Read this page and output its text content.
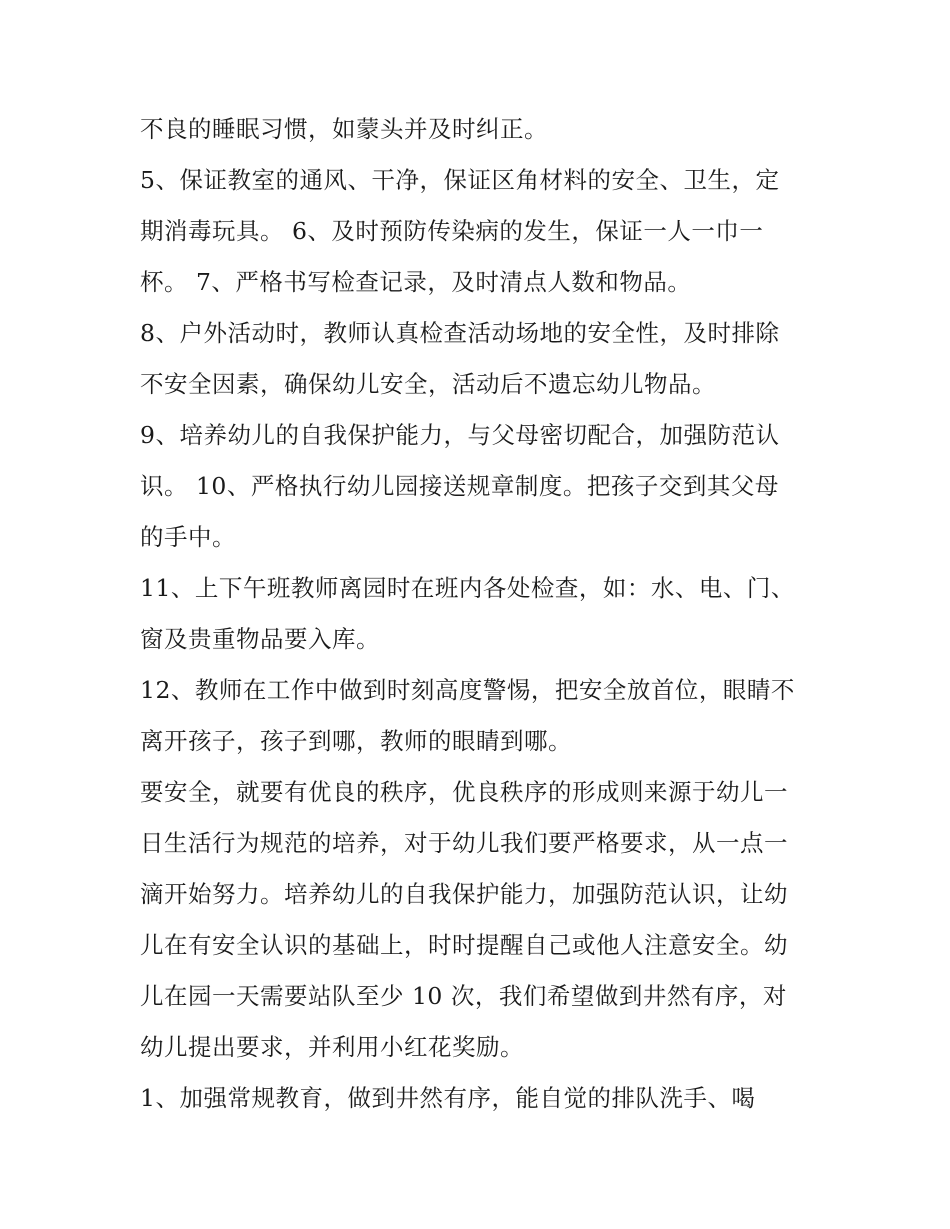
不良的睡眠习惯，如蒙头并及时纠正。
5、保证教室的通风、干净，保证区角材料的安全、卫生，定
期消毒玩具。 6、及时预防传染病的发生，保证一人一巾一
杯。 7、严格书写检查记录，及时清点人数和物品。
8、户外活动时，教师认真检查活动场地的安全性，及时排除
不安全因素，确保幼儿安全，活动后不遗忘幼儿物品。
9、培养幼儿的自我保护能力，与父母密切配合，加强防范认
识。 10、严格执行幼儿园接送规章制度。把孩子交到其父母
的手中。
11、上下午班教师离园时在班内各处检查，如：水、电、门、
窗及贵重物品要入库。
12、教师在工作中做到时刻高度警惕，把安全放首位，眼睛不
离开孩子，孩子到哪，教师的眼睛到哪。
要安全，就要有优良的秩序，优良秩序的形成则来源于幼儿一
日生活行为规范的培养，对于幼儿我们要严格要求，从一点一
滴开始努力。培养幼儿的自我保护能力，加强防范认识，让幼
儿在有安全认识的基础上，时时提醒自己或他人注意安全。幼
儿在园一天需要站队至少 10 次，我们希望做到井然有序，对
幼儿提出要求，并利用小红花奖励。
1、加强常规教育，做到井然有序，能自觉的排队洗手、喝
